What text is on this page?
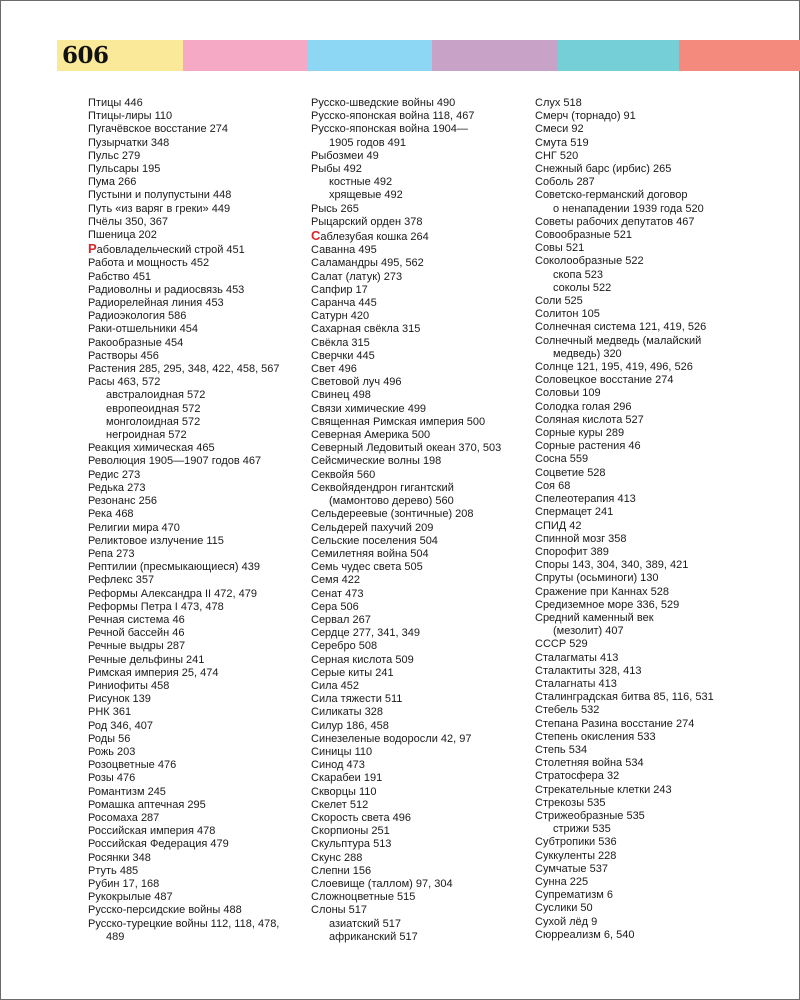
606
Птицы 446
Птицы-лиры 110
Пугачёвское восстание 274
Пузырчатки 348
Пульс 279
Пульсары 195
Пума 266
Пустыни и полупустыни 448
Путь «из варяг в греки» 449
Пчёлы 350, 367
Пшеница 202
Рабовладельческий строй 451
Работа и мощность 452
Рабство 451
Радиоволны и радиосвязь 453
Радиорелейная линия 453
Радиоэкология 586
Раки-отшельники 454
Ракообразные 454
Растворы 456
Растения 285, 295, 348, 422, 458, 567
Расы 463, 572
австралоидная 572
европеоидная 572
монголоидная 572
негроидная 572
Реакция химическая 465
Революция 1905—1907 годов 467
Редис 273
Редька 273
Резонанс 256
Река 468
Религии мира 470
Реликтовое излучение 115
Репа 273
Рептилии (пресмыкающиеся) 439
Рефлекс 357
Реформы Александра II 472, 479
Реформы Петра I 473, 478
Речная система 46
Речной бассейн 46
Речные выдры 287
Речные дельфины 241
Римская империя 25, 474
Риниофиты 458
Рисунок 139
РНК 361
Род 346, 407
Роды 56
Рожь 203
Розоцветные 476
Розы 476
Романтизм 245
Ромашка аптечная 295
Росомаха 287
Российская империя 478
Российская Федерация 479
Росянки 348
Ртуть 485
Рубин 17, 168
Рукокрылые 487
Русско-персидские войны 488
Русско-турецкие войны 112, 118, 478,
489
Русско-шведские войны 490
Русско-японская война 118, 467
Русско-японская война 1904—
1905 годов 491
Рыбозмеи 49
Рыбы 492
костные 492
хрящевые 492
Рысь 265
Рыцарский орден 378
Саблезубая кошка 264
Саванна 495
Саламандры 495, 562
Салат (латук) 273
Сапфир 17
Саранча 445
Сатурн 420
Сахарная свёкла 315
Свёкла 315
Сверчки 445
Свет 496
Световой луч 496
Свинец 498
Связи химические 499
Священная Римская империя 500
Северная Америка 500
Северный Ледовитый океан 370, 503
Сейсмические волны 198
Секвойя 560
Секвойядендрон гигантский
(мамонтово дерево) 560
Сельдереевые (зонтичные) 208
Сельдерей пахучий 209
Сельские поселения 504
Семилетняя война 504
Семь чудес света 505
Семя 422
Сенат 473
Сера 506
Сервал 267
Сердце 277, 341, 349
Серебро 508
Серная кислота 509
Серые киты 241
Сила 452
Сила тяжести 511
Силикаты 328
Силур 186, 458
Синезеленые водоросли 42, 97
Синицы 110
Синод 473
Скарабеи 191
Скворцы 110
Скелет 512
Скорость света 496
Скорпионы 251
Скульптура 513
Скунс 288
Слепни 156
Слоевище (таллом) 97, 304
Сложноцветные 515
Слоны 517
азиатский 517
африканский 517
Слух 518
Смерч (торнадо) 91
Смеси 92
Смута 519
СНГ 520
Снежный барс (ирбис) 265
Соболь 287
Советско-германский договор
о ненападении 1939 года 520
Советы рабочих депутатов 467
Совообразные 521
Совы 521
Соколообразные 522
скопа 523
соколы 522
Соли 525
Солитон 105
Солнечная система 121, 419, 526
Солнечный медведь (малайский
медведь) 320
Солнце 121, 195, 419, 496, 526
Соловецкое восстание 274
Соловьи 109
Солодка голая 296
Соляная кислота 527
Сорные куры 289
Сорные растения 46
Сосна 559
Соцветие 528
Соя 68
Спелеотерапия 413
Спермацет 241
СПИД 42
Спинной мозг 358
Спорофит 389
Споры 143, 304, 340, 389, 421
Спруты (осьминоги) 130
Сражение при Каннах 528
Средиземное море 336, 529
Средний каменный век
(мезолит) 407
СССР 529
Сталагматы 413
Сталактиты 328, 413
Сталагнаты 413
Сталинградская битва 85, 116, 531
Стебель 532
Степана Разина восстание 274
Степень окисления 533
Степь 534
Столетняя война 534
Стратосфера 32
Стрекательные клетки 243
Стрекозы 535
Стрижеобразные 535
стрижи 535
Субтропики 536
Суккуленты 228
Сумчатые 537
Сунна 225
Супрематизм 6
Суслики 50
Сухой лёд 9
Сюрреализм 6, 540
